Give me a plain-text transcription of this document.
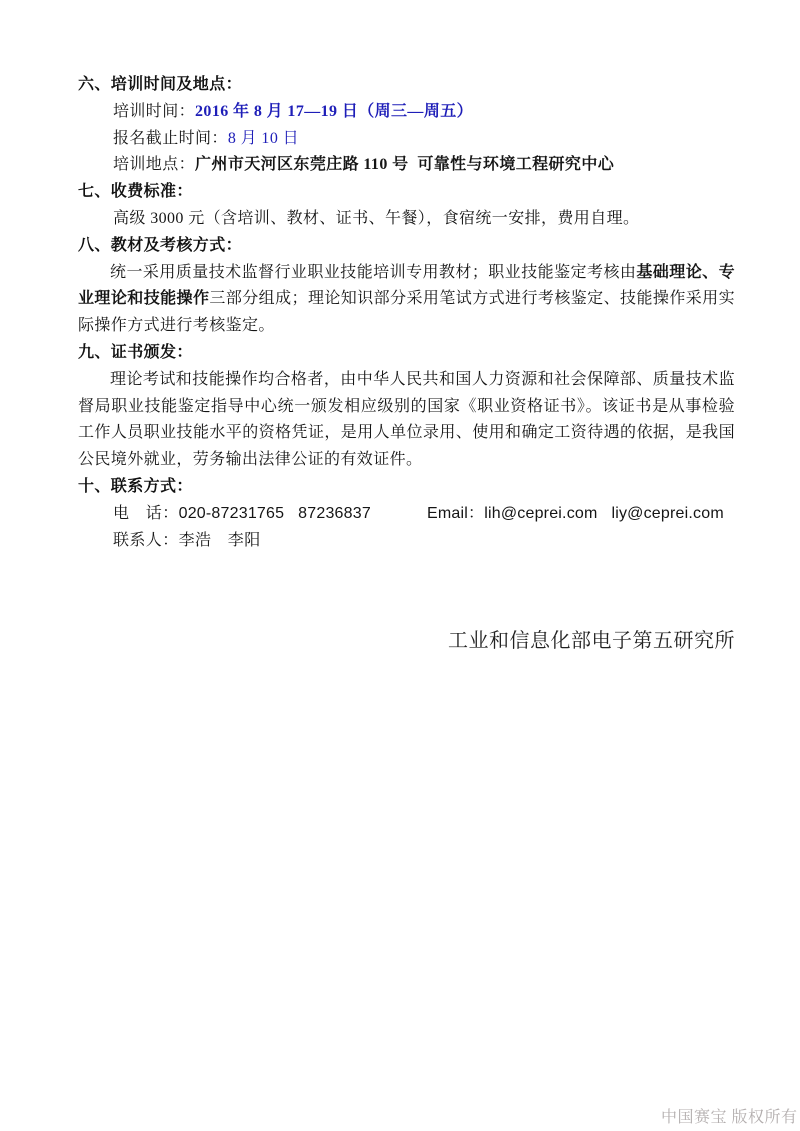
六、培训时间及地点：
培训时间：2016 年 8 月 17—19 日（周三—周五）
报名截止时间：8 月 10 日
培训地点：广州市天河区东莞庄路 110 号  可靠性与环境工程研究中心
七、收费标准：
高级 3000 元（含培训、教材、证书、午餐），食宿统一安排，费用自理。
八、教材及考核方式：

统一采用质量技术监督行业职业技能培训专用教材；职业技能鉴定考核由基础理论、专业理论和技能操作三部分组成；理论知识部分采用笔试方式进行考核鉴定、技能操作采用实际操作方式进行考核鉴定。

九、证书颁发：

理论考试和技能操作均合格者，由中华人民共和国人力资源和社会保障部、质量技术监督局职业技能鉴定指导中心统一颁发相应级别的国家《职业资格证书》。该证书是从事检验工作人员职业技能水平的资格凭证，是用人单位录用、使用和确定工资待遇的依据，是我国公民境外就业，劳务输出法律公证的有效证件。

十、联系方式：
电　话：020-87231765   87236837	Email：lih@ceprei.com   liy@ceprei.com
联系人：李浩　李阳
工业和信息化部电子第五研究所
中国赛宝 版权所有
